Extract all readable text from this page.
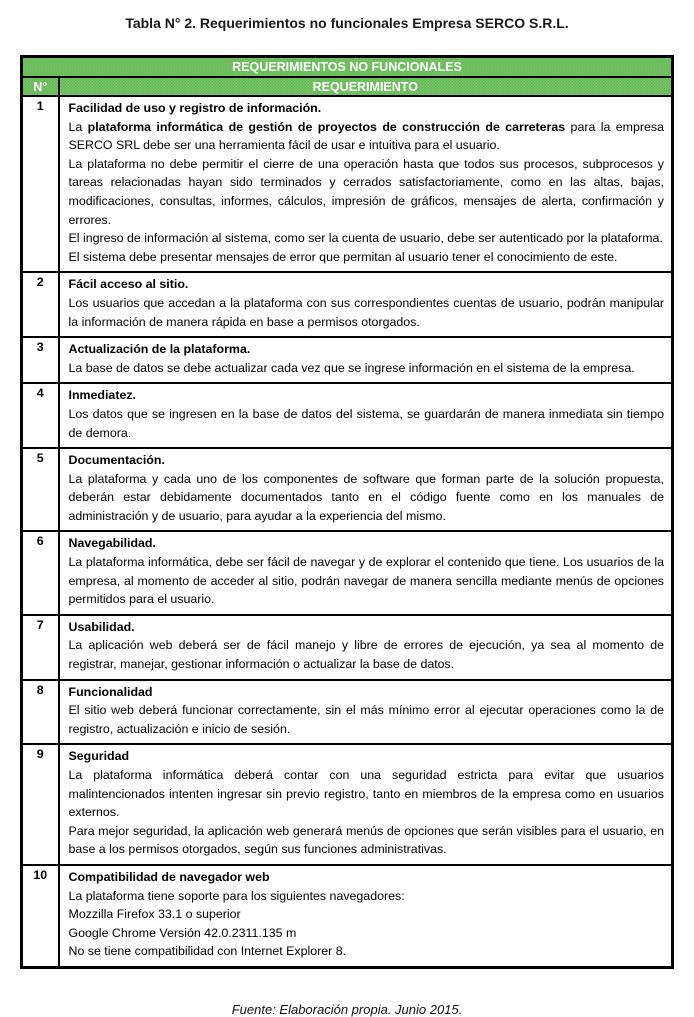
Tabla N° 2. Requerimientos no funcionales Empresa SERCO S.R.L.
REQUERIMIENTOS NO FUNCIONALES	
N°	REQUERIMIENTO
1	Facilidad de uso y registro de información.
La plataforma informática de gestión de proyectos de construcción de carreteras para la empresa SERCO SRL debe ser una herramienta fácil de usar e intuitiva para el usuario.
La plataforma no debe permitir el cierre de una operación hasta que todos sus procesos, subprocesos y tareas relacionadas hayan sido terminados y cerrados satisfactoriamente, como en las altas, bajas, modificaciones, consultas, informes, cálculos, impresión de gráficos, mensajes de alerta, confirmación y errores.
El ingreso de información al sistema, como ser la cuenta de usuario, debe ser autenticado por la plataforma.
El sistema debe presentar mensajes de error que permitan al usuario tener el conocimiento de este.

2	Fácil acceso al sitio.
Los usuarios que accedan a la plataforma con sus correspondientes cuentas de usuario, podrán manipular la información de manera rápida en base a permisos otorgados.

3	Actualización de la plataforma.
La base de datos se debe actualizar cada vez que se ingrese información en el sistema de la empresa.

4	Inmediatez.
Los datos que se ingresen en la base de datos del sistema, se guardarán de manera inmediata sin tiempo de demora.

5	Documentación.
La plataforma y cada uno de los componentes de software que forman parte de la solución propuesta, deberán estar debidamente documentados tanto en el código fuente como en los manuales de administración y de usuario, para ayudar a la experiencia del mismo.

6	Navegabilidad.
La plataforma informática, debe ser fácil de navegar y de explorar el contenido que tiene. Los usuarios de la empresa, al momento de acceder al sitio, podrán navegar de manera sencilla mediante menús de opciones permitidos para el usuario.

7	Usabilidad.
La aplicación web deberá ser de fácil manejo y libre de errores de ejecución, ya sea al momento de registrar, manejar, gestionar información o actualizar la base de datos.

8	Funcionalidad
El sitio web deberá funcionar correctamente, sin el más mínimo error al ejecutar operaciones como la de registro, actualización e inicio de sesión.

9	Seguridad
La plataforma informática deberá contar con una seguridad estricta para evitar que usuarios malintencionados intenten ingresar sin previo registro, tanto en miembros de la empresa como en usuarios externos.
Para mejor seguridad, la aplicación web generará menús de opciones que serán visibles para el usuario, en base a los permisos otorgados, según sus funciones administrativas.

10	Compatibilidad de navegador web
La plataforma tiene soporte para los siguientes navegadores:
Mozzilla Firefox 33.1 o superior
Google Chrome Versión 42.0.2311.135 m
No se tiene compatibilidad con Internet Explorer 8.
Fuente: Elaboración propia. Junio 2015.
